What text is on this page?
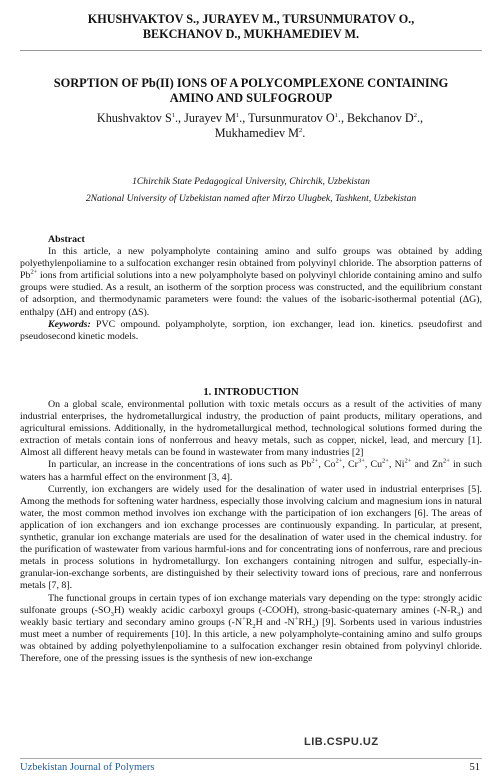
KHUSHVAKTOV S., JURAYEV M., TURSUNMURATOV O.,
BEKCHANOV D., MUKHAMEDIEV M.
SORPTION OF Pb(II) IONS OF A POLYCOMPLEXONE CONTAINING
AMINO AND SULFOGROUP
Khushvaktov $S^1$., Jurayev $M^1$., Tursunmuratov $O^1$., Bekchanov $D^2$.,
Mukhamediev $M^2$.
1Chirchik State Pedagogical University, Chirchik, Uzbekistan
2National University of Uzbekistan named after Mirzo Ulugbek, Tashkent, Uzbekistan
Abstract

In this article, a new polyampholyte containing amino and sulfo groups was obtained by adding polyethylenpoliamine to a sulfocation exchanger resin obtained from polyvinyl chloride. The absorption patterns of $Pb^{2+}$ ions from artificial solutions into a new polyampholyte based on polyvinyl chloride containing amino and sulfo groups were studied. As a result, an isotherm of the sorption process was constructed, and the equilibrium constant of adsorption, and thermodynamic parameters were found: the values of the isobaric-isothermal potential (ΔG), enthalpy (ΔH) and entropy (ΔS).

Keywords: PVC ompound. polyampholyte, sorption, ion exchanger, lead ion. kinetics. pseudofirst and pseudosecond kinetic models.

1. INTRODUCTION

On a global scale, environmental pollution with toxic metals occurs as a result of the activities of many industrial enterprises, the hydrometallurgical industry, the production of paint products, military operations, and agricultural emissions. Additionally, in the hydrometallurgical method, technological solutions formed during the extraction of metals contain ions of nonferrous and heavy metals, such as copper, nickel, lead, and mercury [1]. Almost all different heavy metals can be found in wastewater from many industries [2]

In particular, an increase in the concentrations of ions such as $Pb^{2+}$, $Co^{2+}$, $Cr^{3+}$, $Cu^{2+}$, $Ni^{2+}$ and $Zn^{2+}$ in such waters has a harmful effect on the environment [3, 4].

Currently, ion exchangers are widely used for the desalination of water used in industrial enterprises [5]. Among the methods for softening water hardness, especially those involving calcium and magnesium ions in natural water, the most common method involves ion exchange with the participation of ion exchangers [6]. The areas of application of ion exchangers and ion exchange processes are continuously expanding. In particular, at present, synthetic, granular ion exchange materials are used for the desalination of water used in the chemical industry. for the purification of wastewater from various harmful-ions and for concentrating ions of nonferrous, rare and precious metals in process solutions in hydrometallurgy. Ion exchangers containing nitrogen and sulfur, especially-in- granular-ion-exchange sorbents, are distinguished by their selectivity toward ions of precious, rare and nonferrous metals [7, 8].

The functional groups in certain types of ion exchange materials vary depending on the type: strongly acidic sulfonate groups $(-SO_3H)$ weakly acidic carboxyl groups (-COOH), strong-basic-quaternary amines $(-N-R_3)$ and weakly basic tertiary and secondary amino groups ($-N^+R_2H$ and $-N^+RH_2$) [9]. Sorbents used in various industries must meet a number of requirements [10]. In this article, a new polyampholyte-containing amino and sulfo groups was obtained by adding polyethylenpoliamine to a sulfocation exchanger resin obtained from polyvinyl chloride. Therefore, one of the pressing issues is the synthesis of new ion-exchange

LIB.CSPU.UZ
Uzbekistan Journal of Polymers	51
